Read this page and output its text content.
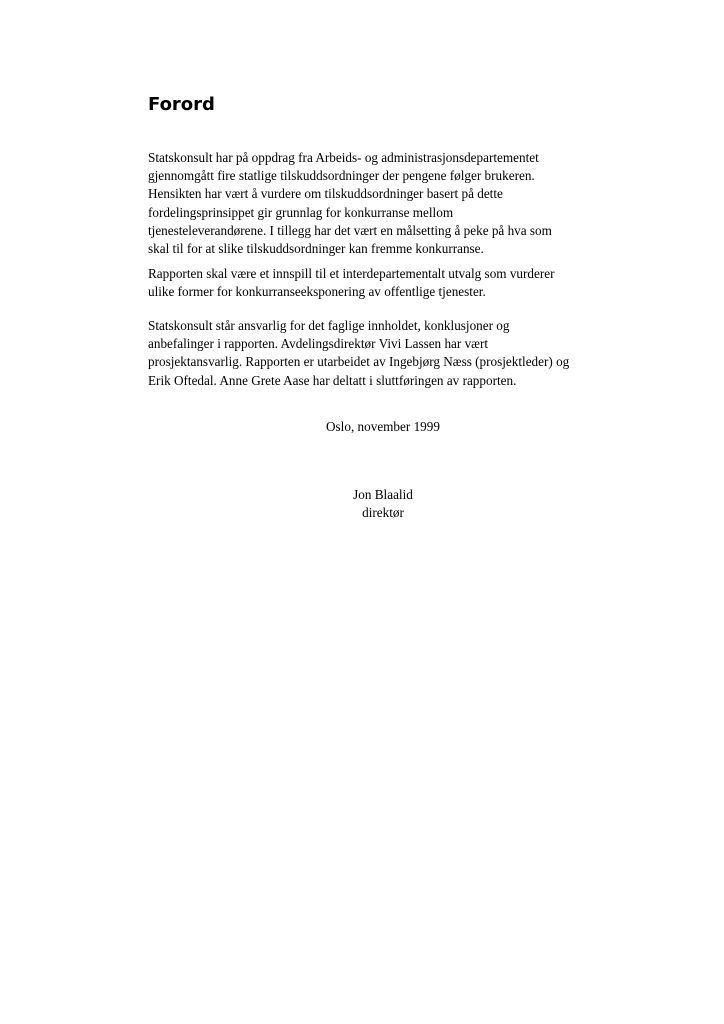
Forord
Statskonsult har på oppdrag fra Arbeids- og administrasjonsdepartementet
gjennomgått fire statlige tilskuddsordninger der pengene følger brukeren.
Hensikten har vært å vurdere om tilskuddsordninger basert på dette
fordelingsprinsippet gir grunnlag for konkurranse mellom
tjenesteleverandørene. I tillegg har det vært en målsetting å peke på hva som
skal til for at slike tilskuddsordninger kan fremme konkurranse.
Rapporten skal være et innspill til et interdepartementalt utvalg som vurderer
ulike former for konkurranseeksponering av offentlige tjenester.
Statskonsult står ansvarlig for det faglige innholdet, konklusjoner og
anbefalinger i rapporten. Avdelingsdirektør Vivi Lassen har vært
prosjektansvarlig. Rapporten er utarbeidet av Ingebjørg Næss (prosjektleder) og
Erik Oftedal. Anne Grete Aase har deltatt i sluttføringen av rapporten.

Oslo, november 1999

Jon Blaalid

direktør
